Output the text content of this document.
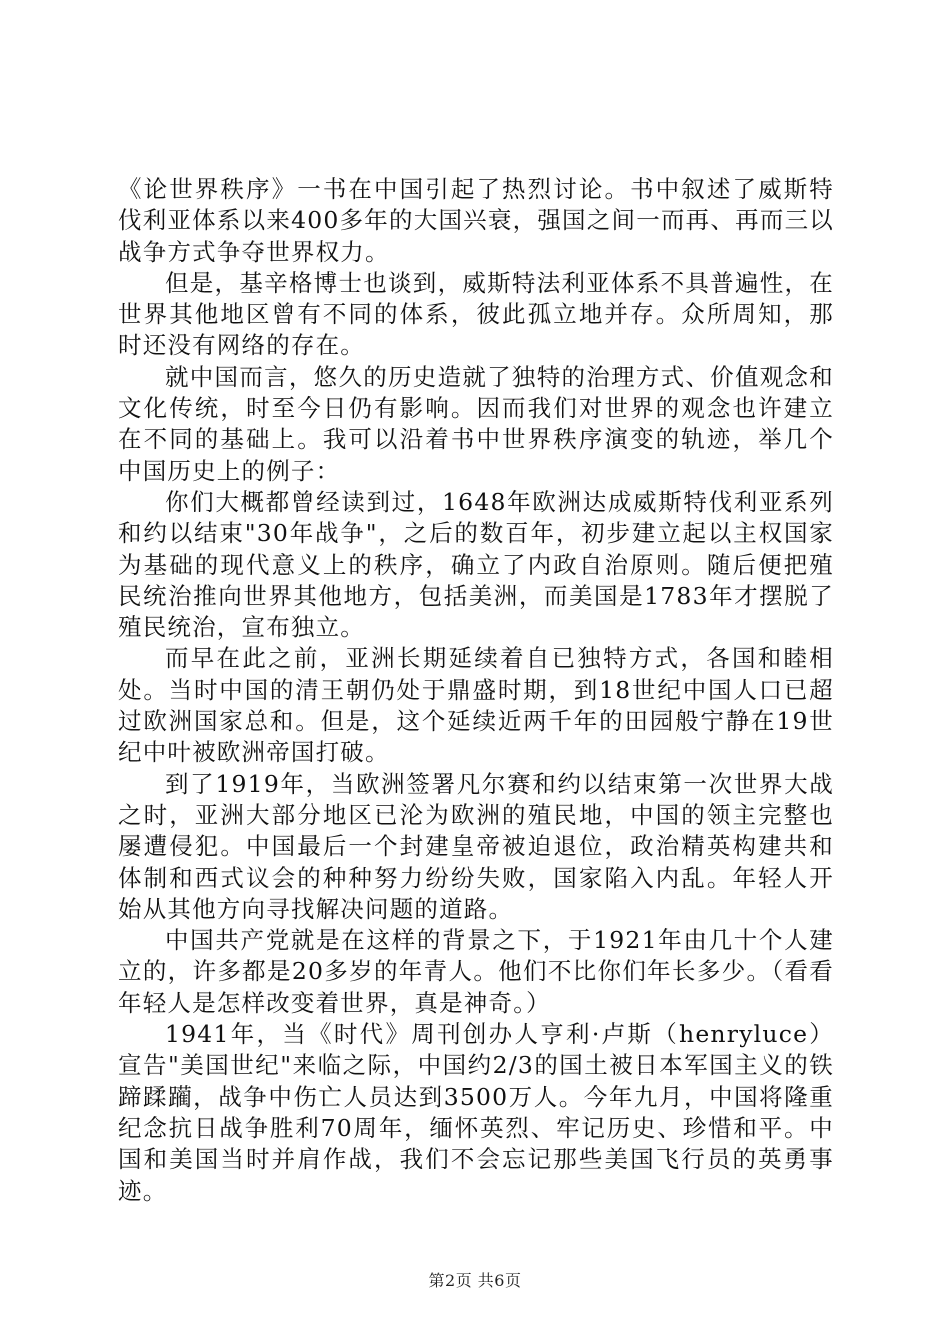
《论世界秩序》一书在中国引起了热烈讨论。书中叙述了威斯特伐利亚体系以来400多年的大国兴衰，强国之间一而再、再而三以战争方式争夺世界权力。

但是，基辛格博士也谈到，威斯特法利亚体系不具普遍性，在世界其他地区曾有不同的体系，彼此孤立地并存。众所周知，那时还没有网络的存在。

就中国而言，悠久的历史造就了独特的治理方式、价值观念和文化传统，时至今日仍有影响。因而我们对世界的观念也许建立在不同的基础上。我可以沿着书中世界秩序演变的轨迹，举几个中国历史上的例子：

你们大概都曾经读到过，1648年欧洲达成威斯特伐利亚系列和约以结束"30年战争"，之后的数百年，初步建立起以主权国家为基础的现代意义上的秩序，确立了内政自治原则。随后便把殖民统治推向世界其他地方，包括美洲，而美国是1783年才摆脱了殖民统治，宣布独立。

而早在此之前，亚洲长期延续着自已独特方式，各国和睦相处。当时中国的清王朝仍处于鼎盛时期，到18世纪中国人口已超过欧洲国家总和。但是，这个延续近两千年的田园般宁静在19世纪中叶被欧洲帝国打破。

到了1919年，当欧洲签署凡尔赛和约以结束第一次世界大战之时，亚洲大部分地区已沦为欧洲的殖民地，中国的领主完整也屡遭侵犯。中国最后一个封建皇帝被迫退位，政治精英构建共和体制和西式议会的种种努力纷纷失败，国家陷入内乱。年轻人开始从其他方向寻找解决问题的道路。

中国共产党就是在这样的背景之下，于1921年由几十个人建立的，许多都是20多岁的年青人。他们不比你们年长多少。（看看年轻人是怎样改变着世界，真是神奇。）

1941年，当《时代》周刊创办人亨利·卢斯（henryluce）宣告"美国世纪"来临之际，中国约2/3的国土被日本军国主义的铁蹄蹂躏，战争中伤亡人员达到3500万人。今年九月，中国将隆重纪念抗日战争胜利70周年，缅怀英烈、牢记历史、珍惜和平。中国和美国当时并肩作战，我们不会忘记那些美国飞行员的英勇事迹。

第2页 共6页
